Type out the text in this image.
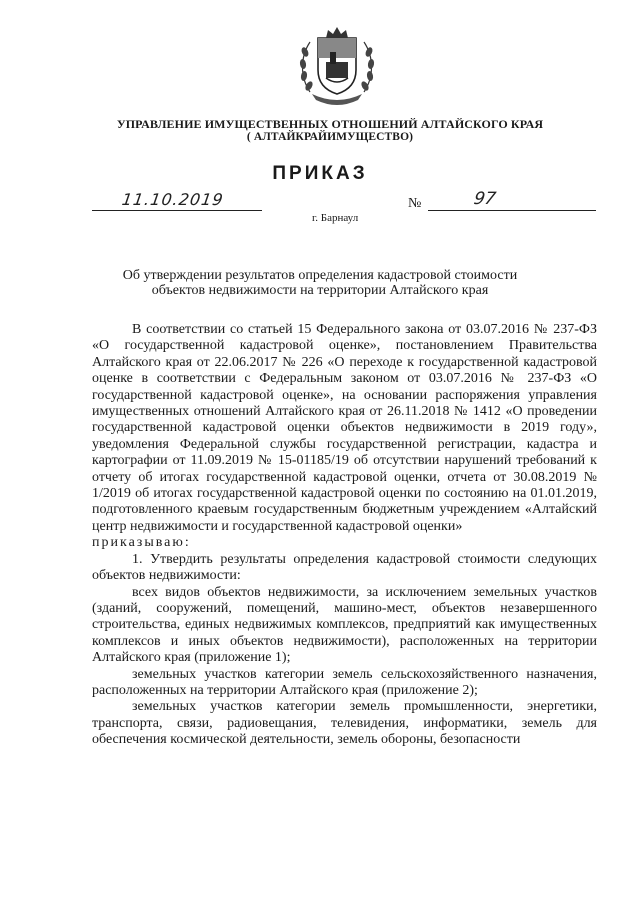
УПРАВЛЕНИЕ ИМУЩЕСТВЕННЫХ ОТНОШЕНИЙ АЛТАЙСКОГО КРАЯ
( АЛТАЙКРАЙИМУЩЕСТВО)
ПРИКАЗ
11.10.2019	№	97
г. Барнаул
Об утверждении результатов определения кадастровой стоимости объектов недвижимости на территории Алтайского края

В соответствии со статьей 15 Федерального закона от 03.07.2016 № 237-ФЗ «О государственной кадастровой оценке», постановлением Правительства Алтайского края от 22.06.2017 № 226 «О переходе к государственной кадастровой оценке в соответствии с Федеральным законом от 03.07.2016 № 237-ФЗ «О государственной кадастровой оценке», на основании распоряжения управления имущественных отношений Алтайского края от 26.11.2018 № 1412 «О проведении государственной кадастровой оценки объектов недвижимости в 2019 году», уведомления Федеральной службы государственной регистрации, кадастра и картографии от 11.09.2019 № 15-01185/19 об отсутствии нарушений требований к отчету об итогах государственной кадастровой оценки, отчета от 30.08.2019 № 1/2019 об итогах государственной кадастровой оценки по состоянию на 01.01.2019, подготовленного краевым государственным бюджетным учреждением «Алтайский центр недвижимости и государственной кадастровой оценки»

приказываю:

1. Утвердить результаты определения кадастровой стоимости следующих объектов недвижимости:

всех видов объектов недвижимости, за исключением земельных участков (зданий, сооружений, помещений, машино-мест, объектов незавершенного строительства, единых недвижимых комплексов, предприятий как имущественных комплексов и иных объектов недвижимости), расположенных на территории Алтайского края (приложение 1);

земельных участков категории земель сельскохозяйственного назначения, расположенных на территории Алтайского края (приложение 2);

земельных участков категории земель промышленности, энергетики, транспорта, связи, радиовещания, телевидения, информатики, земель для обеспечения космической деятельности, земель обороны, безопасности
